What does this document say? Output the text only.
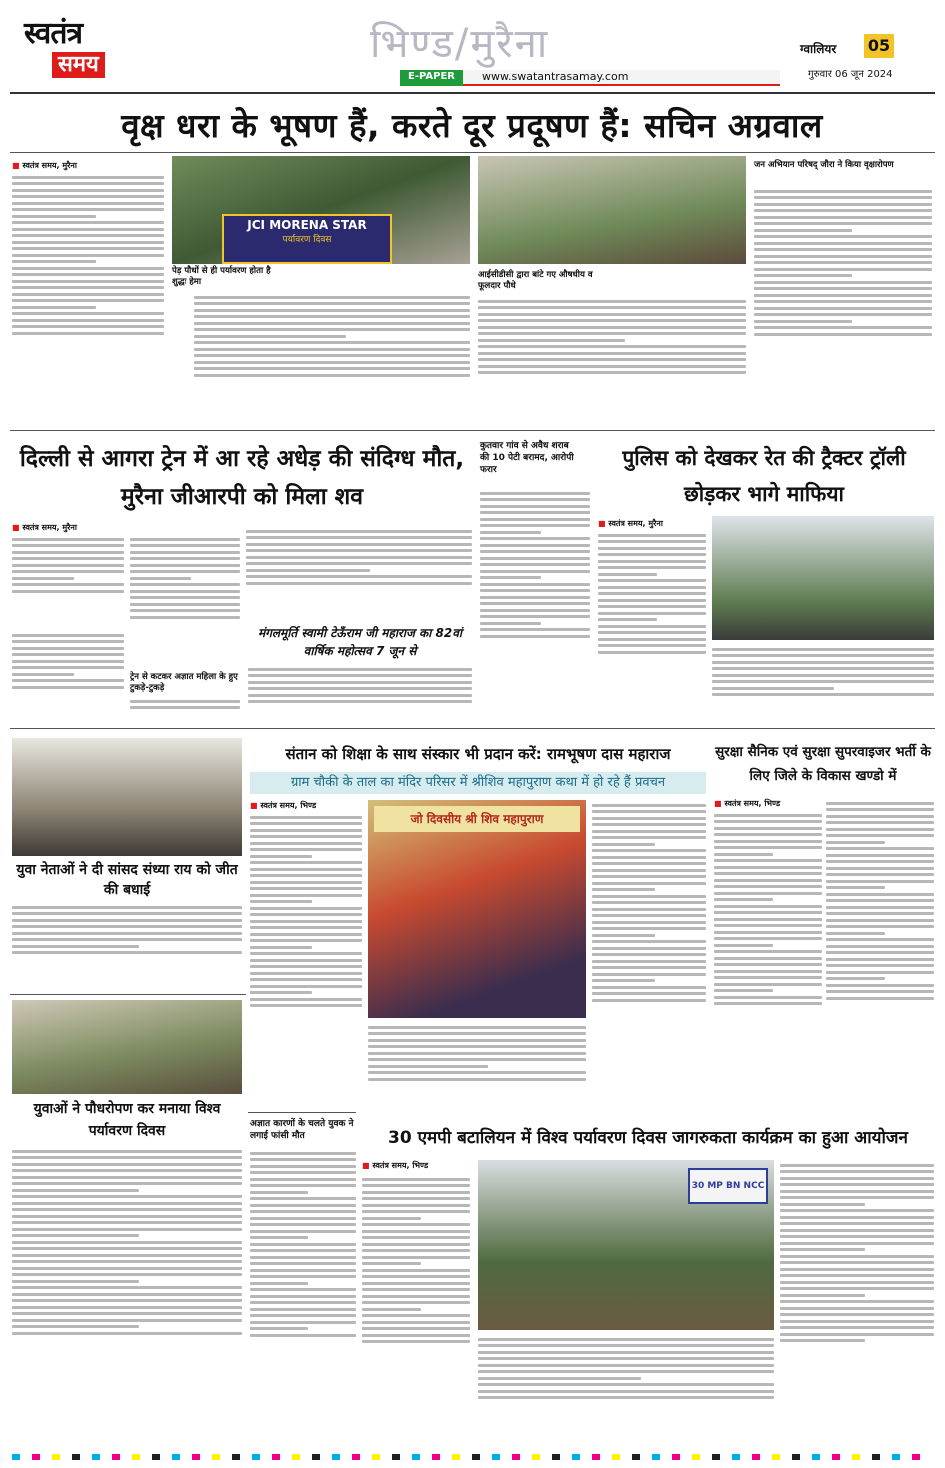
स्वतंत्र
समय	भिण्ड/मुरैना
E-PAPER	www.swatantrasamay.com
ग्वालियर 05
गुरुवार 06 जून 2024
वृक्ष धरा के भूषण हैं, करते दूर प्रदूषण हैं: सचिन अग्रवाल
■ स्वतंत्र समय, मुरैना
JCI MORENA STAR
पर्यावरण दिवस
पेड़ पौधों से ही पर्यावरण होता है शुद्धः हेमा
आईसीडीसी द्वारा बांटे गए औषधीय व फूलदार पौधे
जन अभियान परिषद् जौरा ने किया वृक्षारोपण
दिल्ली से आगरा ट्रेन में आ रहे अधेड़ की संदिग्ध मौत, मुरैना जीआरपी को मिला शव
■ स्वतंत्र समय, मुरैना
ट्रेन से कटकर अज्ञात महिला के हुए टुकड़े-टुकड़े
मंगलमूर्ति स्वामी टेऊँराम जी महाराज का 82वां वार्षिक महोत्सव 7 जून से
कुतवार गांव से अवैध शराब की 10 पेटी बरामद, आरोपी फरार	पुलिस को देखकर रेत की ट्रैक्टर ट्रॉली छोड़कर भागे माफिया
■ स्वतंत्र समय, मुरैना
युवा नेताओं ने दी सांसद संध्या राय को जीत की बधाई
संतान को शिक्षा के साथ संस्कार भी प्रदान करें: रामभूषण दास महाराज
ग्राम चौकी के ताल का मंदिर परिसर में श्रीशिव महापुराण कथा में हो रहे हैं प्रवचन
■ स्वतंत्र समय, भिण्ड
जो दिवसीय श्री शिव महापुराण
सुरक्षा सैनिक एवं सुरक्षा सुपरवाइजर भर्ती के लिए जिले के विकास खण्डो में
■ स्वतंत्र समय, भिण्ड
युवाओं ने पौधरोपण कर मनाया विश्व पर्यावरण दिवस	अज्ञात कारणों के चलते युवक ने लगाई फांसी मौत	30 एमपी बटालियन में विश्व पर्यावरण दिवस जागरुकता कार्यक्रम का हुआ आयोजन
■ स्वतंत्र समय, भिण्ड
30 MP BN NCC
